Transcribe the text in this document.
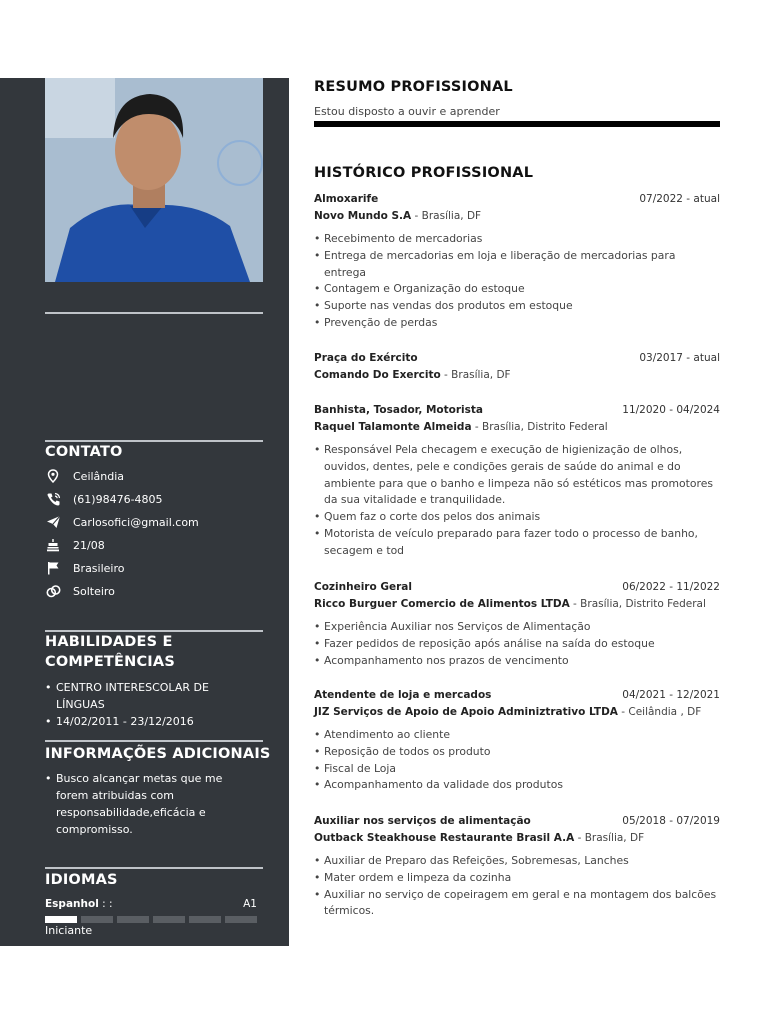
CONTATO
Ceilândia
(61)98476-4805
Carlosofici@gmail.com
21/08
Brasileiro
Solteiro
HABILIDADES E COMPETÊNCIAS
• CENTRO INTERESCOLAR DE LÍNGUAS
• 14/02/2011 - 23/12/2016
INFORMAÇÕES ADICIONAIS
• Busco alcançar metas que me forem atribuidas com responsabilidade,eficácia e compromisso.
IDIOMAS
Espanhol : :	A1
Iniciante
RESUMO PROFISSIONAL
Estou disposto a ouvir e aprender
HISTÓRICO PROFISSIONAL
Almoxarife	07/2022 - atual
Novo Mundo S.A - Brasília, DF
• Recebimento de mercadorias
• Entrega de mercadorias em loja e liberação de mercadorias para entrega
• Contagem e Organização do estoque
• Suporte nas vendas dos produtos em estoque
• Prevenção de perdas
Praça do Exército	03/2017 - atual
Comando Do Exercito - Brasília, DF
Banhista, Tosador, Motorista	11/2020 - 04/2024
Raquel Talamonte Almeida - Brasília, Distrito Federal
• Responsável Pela checagem e execução de higienização de olhos, ouvidos, dentes, pele e condições gerais de saúde do animal e do ambiente para que o banho e limpeza não só estéticos mas promotores da sua vitalidade e tranquilidade.
• Quem faz o corte dos pelos dos animais
• Motorista de veículo preparado para fazer todo o processo de banho, secagem e tod
Cozinheiro Geral	06/2022 - 11/2022
Ricco Burguer Comercio de Alimentos LTDA - Brasília, Distrito Federal
• Experiência Auxiliar nos Serviços de Alimentação
• Fazer pedidos de reposição após análise na saída do estoque
• Acompanhamento nos prazos de vencimento
Atendente de loja e mercados	04/2021 - 12/2021
JIZ Serviços de Apoio de Apoio Adminiztrativo LTDA - Ceilândia , DF
• Atendimento ao cliente
• Reposição de todos os produto
• Fiscal de Loja
• Acompanhamento da validade dos produtos
Auxiliar nos serviços de alimentação	05/2018 - 07/2019
Outback Steakhouse Restaurante Brasil A.A - Brasília, DF
• Auxiliar de Preparo das Refeições, Sobremesas, Lanches
• Mater ordem e limpeza da cozinha
• Auxiliar no serviço de copeiragem em geral e na montagem dos balcões térmicos.
